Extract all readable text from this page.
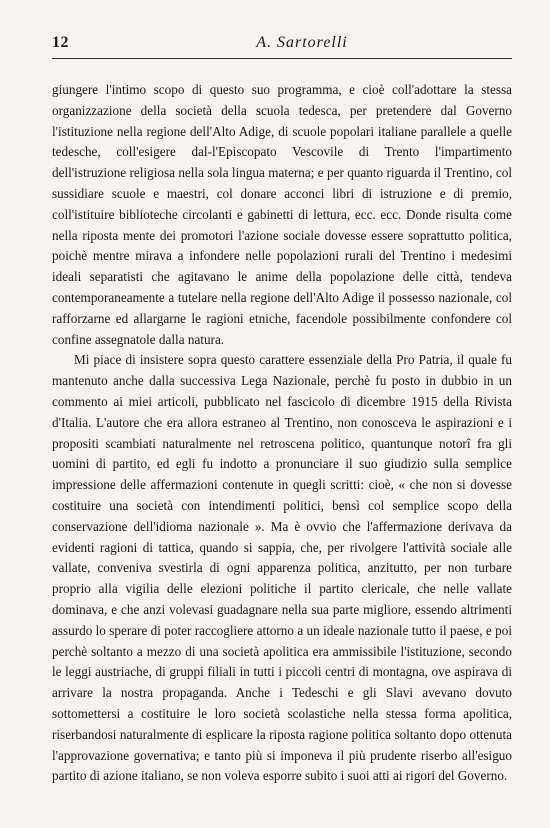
12	A. Sartorelli

giungere l'intimo scopo di questo suo programma, e cioè coll'adottare la stessa organizzazione della società della scuola tedesca, per pretendere dal Governo l'istituzione nella regione dell'Alto Adige, di scuole popolari italiane parallele a quelle tedesche, coll'esigere dal-l'Episcopato Vescovile di Trento l'impartimento dell'istruzione religiosa nella sola lingua materna; e per quanto riguarda il Trentino, col sussidiare scuole e maestri, col donare acconci libri di istruzione e di premio, coll'istituire biblioteche circolanti e gabinetti di lettura, ecc. ecc. Donde risulta come nella riposta mente dei promotori l'azione sociale dovesse essere soprattutto politica, poichè mentre mirava a infondere nelle popolazioni rurali del Trentino i medesimi ideali separatisti che agitavano le anime della popolazione delle città, tendeva contemporaneamente a tutelare nella regione dell'Alto Adige il possesso nazionale, col rafforzarne ed allargarne le ragioni etniche, facendole possibilmente confondere col confine assegnatole dalla natura.

Mi piace di insistere sopra questo carattere essenziale della Pro Patria, il quale fu mantenuto anche dalla successiva Lega Nazionale, perchè fu posto in dubbio in un commento ai miei articoli, pubblicato nel fascicolo di dicembre 1915 della Rivista d'Italia. L'autore che era allora estraneo al Trentino, non conosceva le aspirazioni e i propositi scambiati naturalmente nel retroscena politico, quantunque notorî fra gli uomini di partito, ed egli fu indotto a pronunciare il suo giudizio sulla semplice impressione delle affermazioni contenute in quegli scritti: cioè, « che non si dovesse costituire una società con intendimenti politici, bensì col semplice scopo della conservazione dell'idioma nazionale ». Ma è ovvio che l'affermazione derivava da evidenti ragioni di tattica, quando si sappia, che, per rivolgere l'attività sociale alle vallate, conveniva svestirla di ogni apparenza politica, anzitutto, per non turbare proprio alla vigilia delle elezioni politiche il partito clericale, che nelle vallate dominava, e che anzi volevasi guadagnare nella sua parte migliore, essendo altrimenti assurdo lo sperare di poter raccogliere attorno a un ideale nazionale tutto il paese, e poi perchè soltanto a mezzo di una società apolitica era ammissibile l'istituzione, secondo le leggi austriache, di gruppi filiali in tutti i piccoli centri di montagna, ove aspirava di arrivare la nostra propaganda. Anche i Tedeschi e gli Slavi avevano dovuto sottomettersi a costituire le loro società scolastiche nella stessa forma apolitica, riserbandosi naturalmente di esplicare la riposta ragione politica soltanto dopo ottenuta l'approvazione governativa; e tanto più si imponeva il più prudente riserbo all'esiguo partito di azione italiano, se non voleva esporre subito i suoi atti ai rigori del Governo.
